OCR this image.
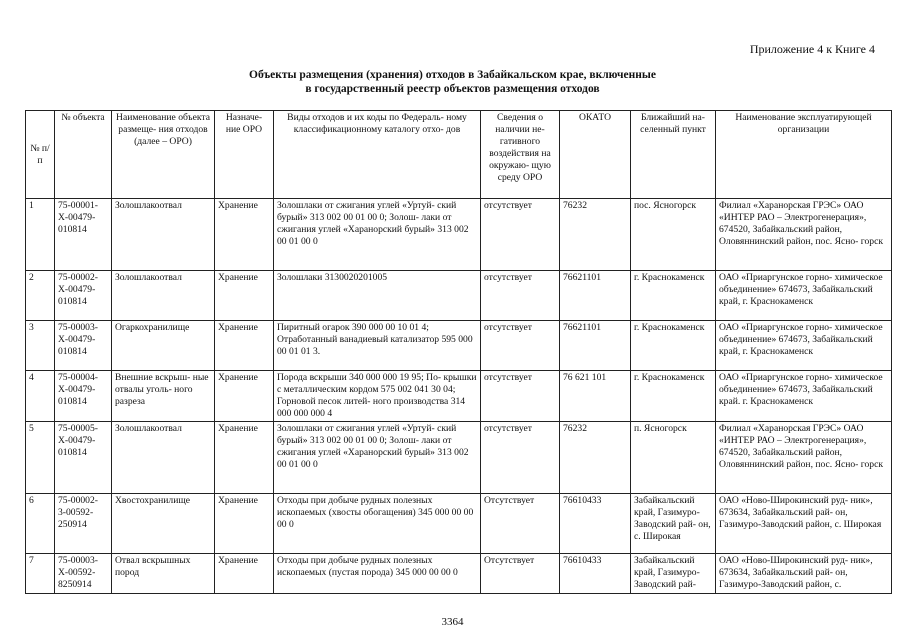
Приложение 4 к Книге 4
Объекты размещения (хранения) отходов в Забайкальском крае, включенные
в государственный реестр объектов размещения отходов
№ п/п	№ объекта	Наименование объекта размеще- ния отходов (далее – ОРО)	Назначе- ние ОРО	Виды отходов и их коды по Федераль- ному классификационному каталогу отхо- дов	Сведения о наличии не- гативного воздействия на окружаю- щую среду ОРО	ОКАТО	Ближайший на- селенный пункт	Наименование эксплуатирующей организации
1	75-00001- Х-00479- 010814	Золошлакоотвал	Хранение	Золошлаки от сжигания углей «Уртуй- ский бурый» 313 002 00 01 00 0; Золош- лаки от сжигания углей «Харанорский бурый» 313 002 00 01 00 0	отсутствует	76232	пос. Ясногорск	Филиал «Харанорская ГРЭС» ОАО «ИНТЕР РАО – Электрогенерация», 674520, Забайкальский район, Оловяннинский район, пос. Ясно- горск
2	75-00002- Х-00479- 010814	Золошлакоотвал	Хранение	Золошлаки 3130020201005	отсутствует	76621101	г. Краснокаменск	ОАО «Приаргунское горно- химическое объединение» 674673, Забайкальский край, г. Краснокаменск
3	75-00003- Х-00479- 010814	Огаркохранилище	Хранение	Пиритный огарок 390 000 00 10 01 4; Отработанный ванадиевый катализатор 595 000 00 01 01 3.	отсутствует	76621101	г. Краснокаменск	ОАО «Приаргунское горно- химическое объединение» 674673, Забайкальский край, г. Краснокаменск
4	75-00004- Х-00479- 010814	Внешние вскрыш- ные отвалы уголь- ного разреза	Хранение	Порода вскрыши 340 000 000 19 95; По- крышки с металлическим кордом 575 002 041 30 04; Горновой песок литей- ного производства 314 000 000 000 4	отсутствует	76 621 101	г. Краснокаменск	ОАО «Приаргунское горно- химическое объединение» 674673, Забайкальский край. г. Краснокаменск
5	75-00005- Х-00479- 010814	Золошлакоотвал	Хранение	Золошлаки от сжигания углей «Уртуй- ский бурый» 313 002 00 01 00 0; Золош- лаки от сжигания углей «Харанорский бурый» 313 002 00 01 00 0	отсутствует	76232	п. Ясногорск	Филиал «Харанорская ГРЭС» ОАО «ИНТЕР РАО – Электрогенерация», 674520, Забайкальский район, Оловяннинский район, пос. Ясно- горск
6	75-00002- 3-00592- 250914	Хвостохранилище	Хранение	Отходы при добыче рудных полезных ископаемых (хвосты обогащения) 345 000 00 00 00 0	Отсутствует	76610433	Забайкальский край, Газимуро- Заводский рай- он, с. Широкая	ОАО «Ново-Широкинский руд- ник», 673634, Забайкальский рай- он, Газимуро-Заводский район, с. Широкая
7	75-00003- Х-00592- 8250914	Отвал вскрышных пород	Хранение	Отходы при добыче рудных полезных ископаемых (пустая порода) 345 000 00 00 0	Отсутствует	76610433	Забайкальский край, Газимуро- Заводский рай-	ОАО «Ново-Широкинский руд- ник», 673634, Забайкальский рай- он, Газимуро-Заводский район, с.
3364
